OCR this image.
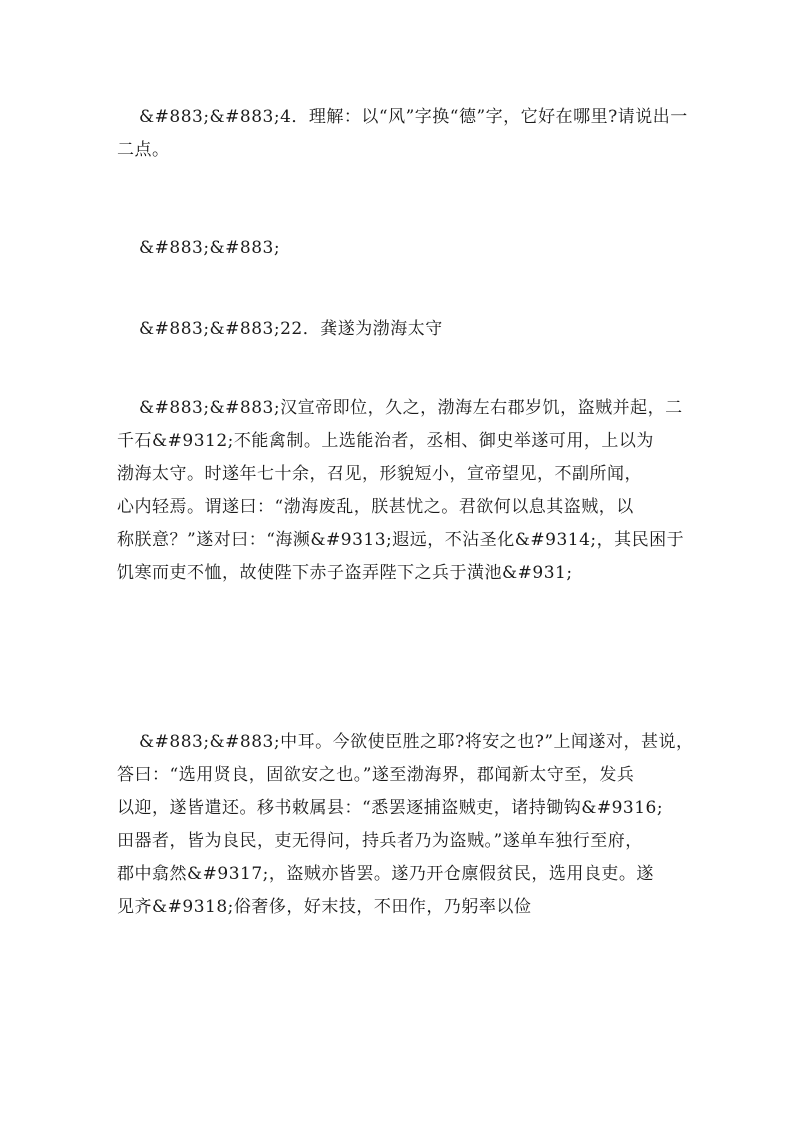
&#883;&#883;4．理解：以“风”字换“德”字，它好在哪里?请说出一
二点。
&#883;&#883;
&#883;&#883;22．龚遂为渤海太守
&#883;&#883;汉宣帝即位，久之，渤海左右郡岁饥，盗贼并起，二
千石&#9312;不能禽制。上选能治者，丞相、御史举遂可用，上以为
渤海太守。时遂年七十余，召见，形貌短小，宣帝望见，不副所闻，
心内轻焉。谓遂曰：“渤海废乱，朕甚忧之。君欲何以息其盗贼，以
称朕意？”遂对曰：“海濒&#9313;遐远，不沾圣化&#9314;，其民困于
饥寒而吏不恤，故使陛下赤子盗弄陛下之兵于潢池&#931;
&#883;&#883;中耳。今欲使臣胜之耶?将安之也?”上闻遂对，甚说，
答曰：“选用贤良，固欲安之也。”遂至渤海界，郡闻新太守至，发兵
以迎，遂皆遣还。移书敕属县：“悉罢逐捕盗贼吏，诸持锄钩&#9316;
田器者，皆为良民，吏无得问，持兵者乃为盗贼。”遂单车独行至府，
郡中翕然&#9317;，盗贼亦皆罢。遂乃开仓廪假贫民，选用良吏。遂
见齐&#9318;俗奢侈，好末技，不田作，乃躬率以俭
